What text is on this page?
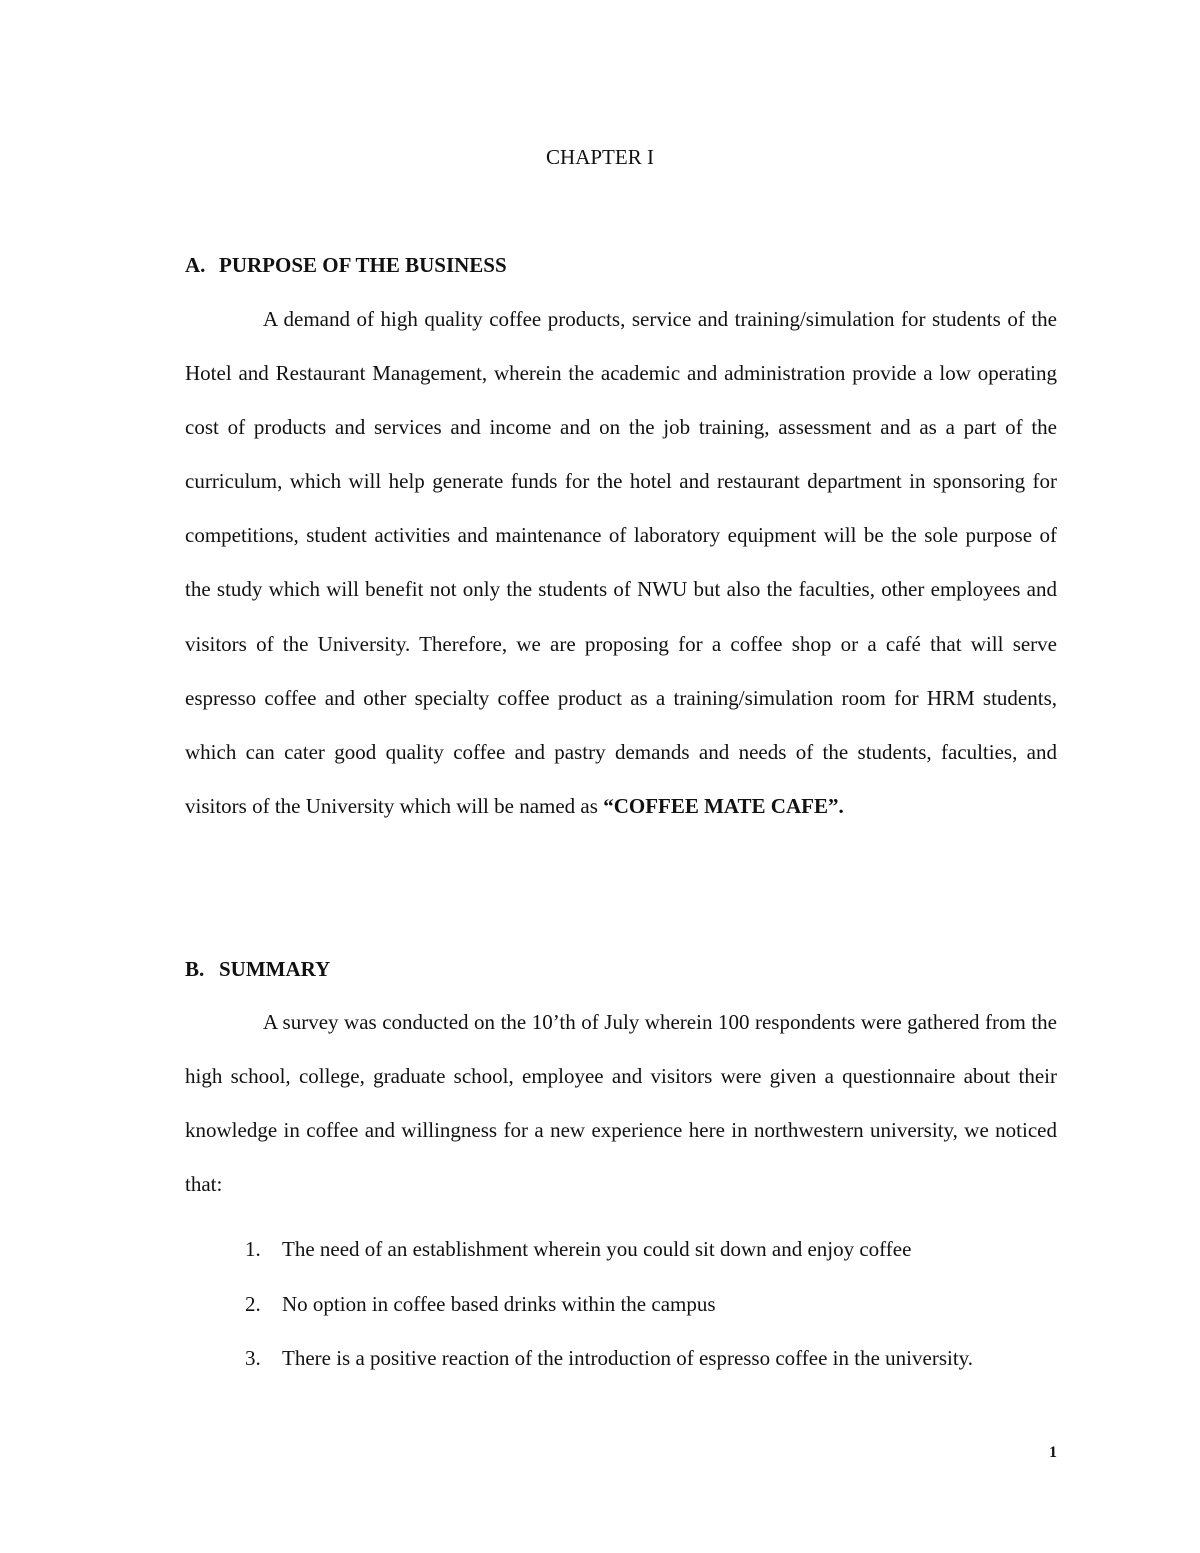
CHAPTER I
A. PURPOSE OF THE BUSINESS

A demand of high quality coffee products, service and training/simulation for students of the Hotel and Restaurant Management, wherein the academic and administration provide a low operating cost of products and services and income and on the job training, assessment and as a part of the curriculum, which will help generate funds for the hotel and restaurant department in sponsoring for competitions, student activities and maintenance of laboratory equipment will be the sole purpose of the study which will benefit not only the students of NWU but also the faculties, other employees and visitors of the University. Therefore, we are proposing for a coffee shop or a café that will serve espresso coffee and other specialty coffee product as a training/simulation room for HRM students, which can cater good quality coffee and pastry demands and needs of the students, faculties, and visitors of the University which will be named as “COFFEE MATE CAFE”.

B. SUMMARY

A survey was conducted on the 10’th of July wherein 100 respondents were gathered from the high school, college, graduate school, employee and visitors were given a questionnaire about their knowledge in coffee and willingness for a new experience here in northwestern university, we noticed that:

1. The need of an establishment wherein you could sit down and enjoy coffee
2. No option in coffee based drinks within the campus
3. There is a positive reaction of the introduction of espresso coffee in the university.
1
